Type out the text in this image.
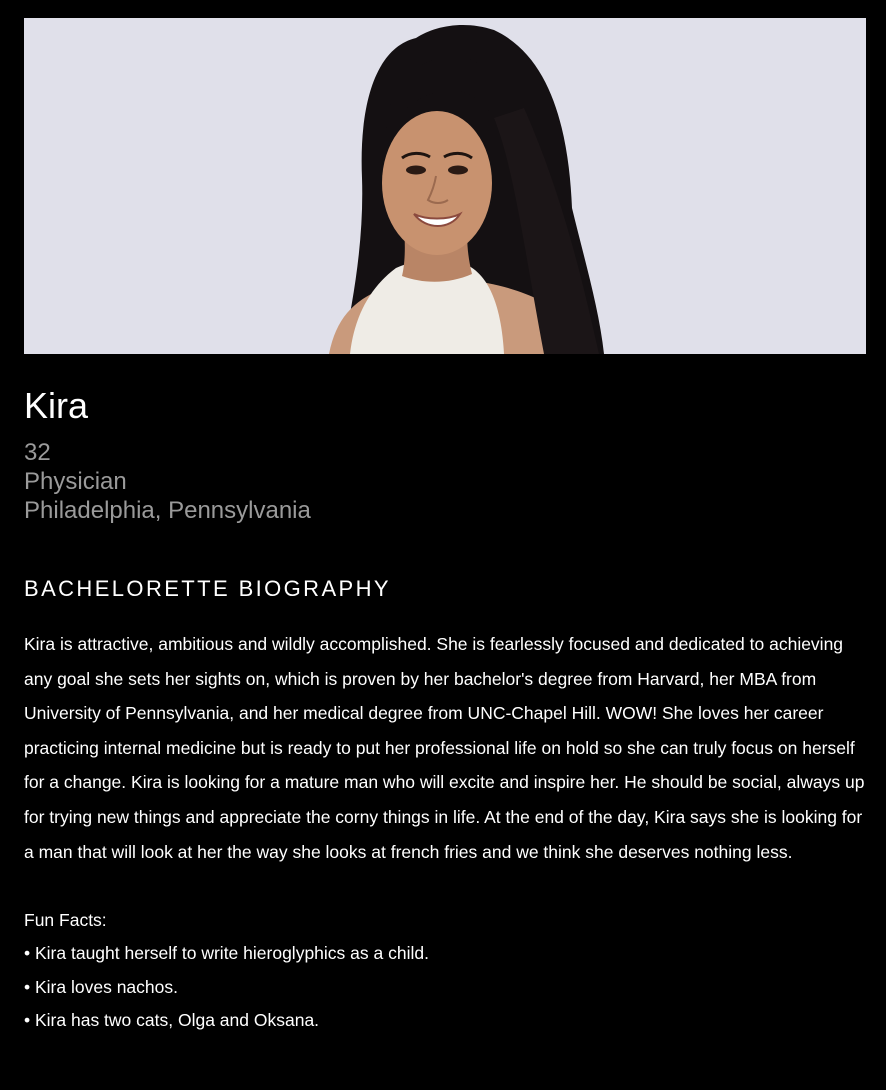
Kira
32
Physician
Philadelphia, Pennsylvania
BACHELORETTE BIOGRAPHY

Kira is attractive, ambitious and wildly accomplished. She is fearlessly focused and dedicated to achieving any goal she sets her sights on, which is proven by her bachelor's degree from Harvard, her MBA from University of Pennsylvania, and her medical degree from UNC-Chapel Hill. WOW! She loves her career practicing internal medicine but is ready to put her professional life on hold so she can truly focus on herself for a change. Kira is looking for a mature man who will excite and inspire her. He should be social, always up for trying new things and appreciate the corny things in life. At the end of the day, Kira says she is looking for a man that will look at her the way she looks at french fries and we think she deserves nothing less.

Fun Facts:
• Kira taught herself to write hieroglyphics as a child.
• Kira loves nachos.
• Kira has two cats, Olga and Oksana.
